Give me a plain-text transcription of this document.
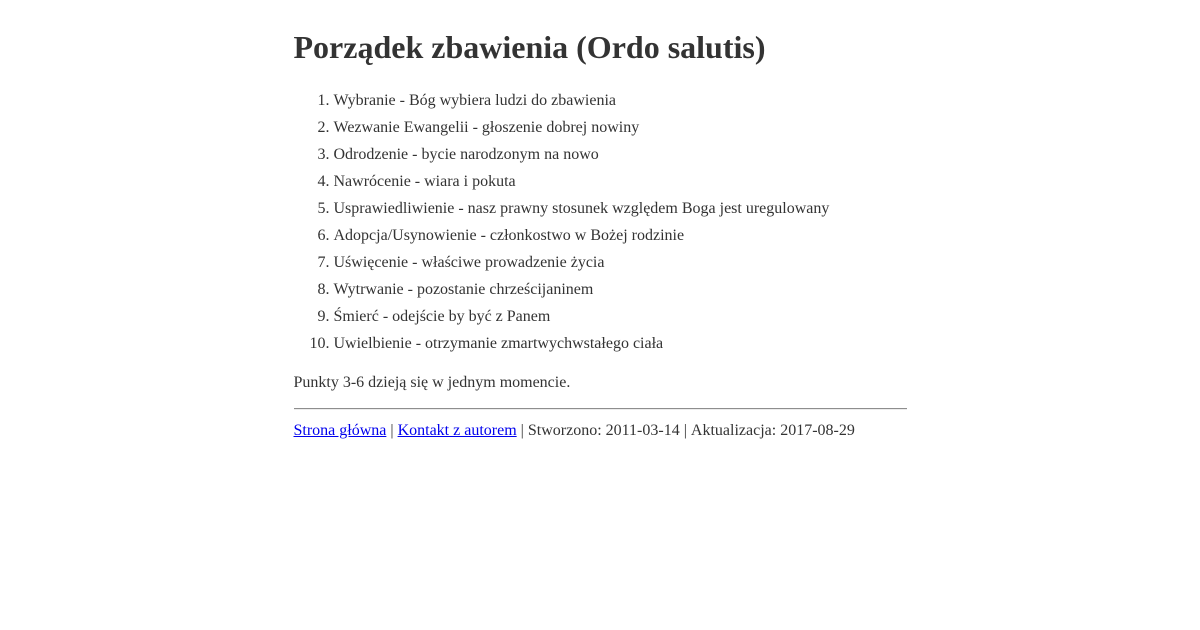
Porządek zbawienia (Ordo salutis)
1. Wybranie - Bóg wybiera ludzi do zbawienia
2. Wezwanie Ewangelii - głoszenie dobrej nowiny
3. Odrodzenie - bycie narodzonym na nowo
4. Nawrócenie - wiara i pokuta
5. Usprawiedliwienie - nasz prawny stosunek względem Boga jest uregulowany
6. Adopcja/Usynowienie - członkostwo w Bożej rodzinie
7. Uświęcenie - właściwe prowadzenie życia
8. Wytrwanie - pozostanie chrześcijaninem
9. Śmierć - odejście by być z Panem
10. Uwielbienie - otrzymanie zmartwychwstałego ciała

Punkty 3-6 dzieją się w jednym momencie.

Strona główna | Kontakt z autorem | Stworzono: 2011-03-14 | Aktualizacja: 2017-08-29
